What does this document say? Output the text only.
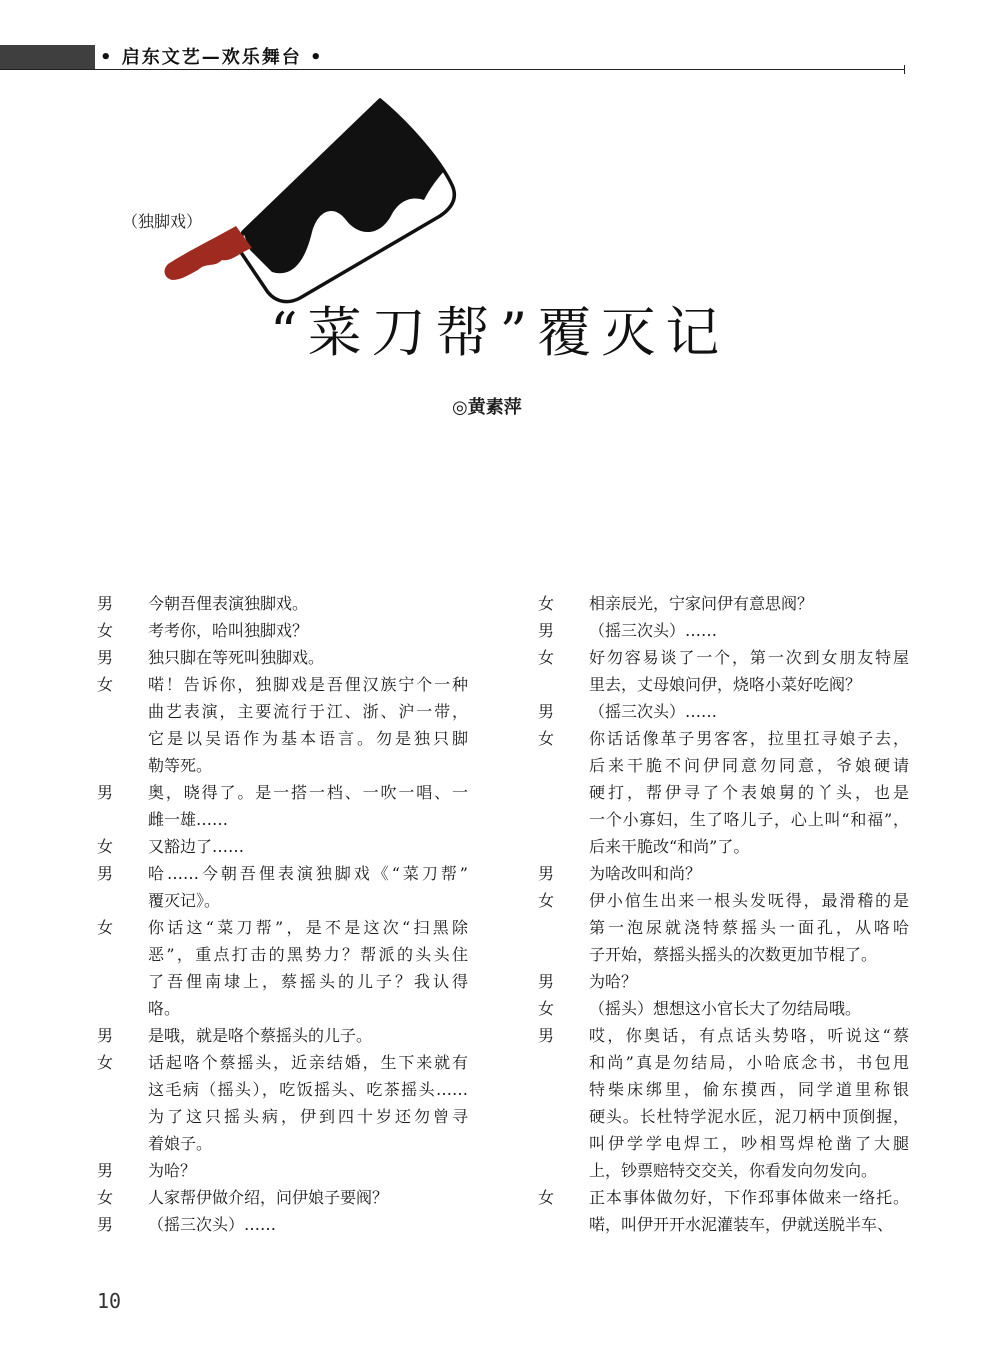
• 启东文艺—欢乐舞台 •
（独脚戏）
“菜刀帮”覆灭记
◎黄素萍
男	今朝吾俚表演独脚戏。
女	考考你，哈叫独脚戏？
男	独只脚在等死叫独脚戏。
女	喏！告诉你，独脚戏是吾俚汉族宁个一种
曲艺表演，主要流行于江、浙、沪一带，
它是以吴语作为基本语言。勿是独只脚
勒等死。
男	奥，晓得了。是一搭一档、一吹一唱、一
雌一雄……
女	又豁边了……
男	哈……今朝吾俚表演独脚戏《“菜刀帮”
覆灭记》。
女	你话这“菜刀帮”，是不是这次“扫黑除
恶”，重点打击的黑势力？帮派的头头住
了吾俚南埭上，蔡摇头的儿子？我认得
咯。
男	是哦，就是咯个蔡摇头的儿子。
女	话起咯个蔡摇头，近亲结婚，生下来就有
这毛病（摇头），吃饭摇头、吃茶摇头……
为了这只摇头病，伊到四十岁还勿曾寻
着娘子。
男	为哈？
女	人家帮伊做介绍，问伊娘子要阀？
男	（摇三次头）……
女	相亲辰光，宁家问伊有意思阀？
男	（摇三次头）……
女	好勿容易谈了一个，第一次到女朋友特屋
里去，丈母娘问伊，烧咯小菜好吃阀？
男	（摇三次头）……
女	你话话像革子男客客，拉里扛寻娘子去，
后来干脆不问伊同意勿同意，爷娘硬请
硬打，帮伊寻了个表娘舅的丫头，也是
一个小寡妇，生了咯儿子，心上叫“和福”，
后来干脆改“和尚”了。
男	为啥改叫和尚？
女	伊小倌生出来一根头发呒得，最滑稽的是
第一泡尿就浇特蔡摇头一面孔，从咯哈
子开始，蔡摇头摇头的次数更加节棍了。
男	为哈？
女	（摇头）想想这小官长大了勿结局哦。
男	哎，你奥话，有点话头势咯，听说这“蔡
和尚”真是勿结局，小哈底念书，书包甩
特柴床绑里，偷东摸西，同学道里称银
硬头。长杜特学泥水匠，泥刀柄中顶倒握，
叫伊学学电焊工，吵相骂焊枪凿了大腿
上，钞票赔特交交关，你看发向勿发向。
女	正本事体做勿好，下作邳事体做来一络托。
喏，叫伊开开水泥灌装车，伊就送脱半车、
10
